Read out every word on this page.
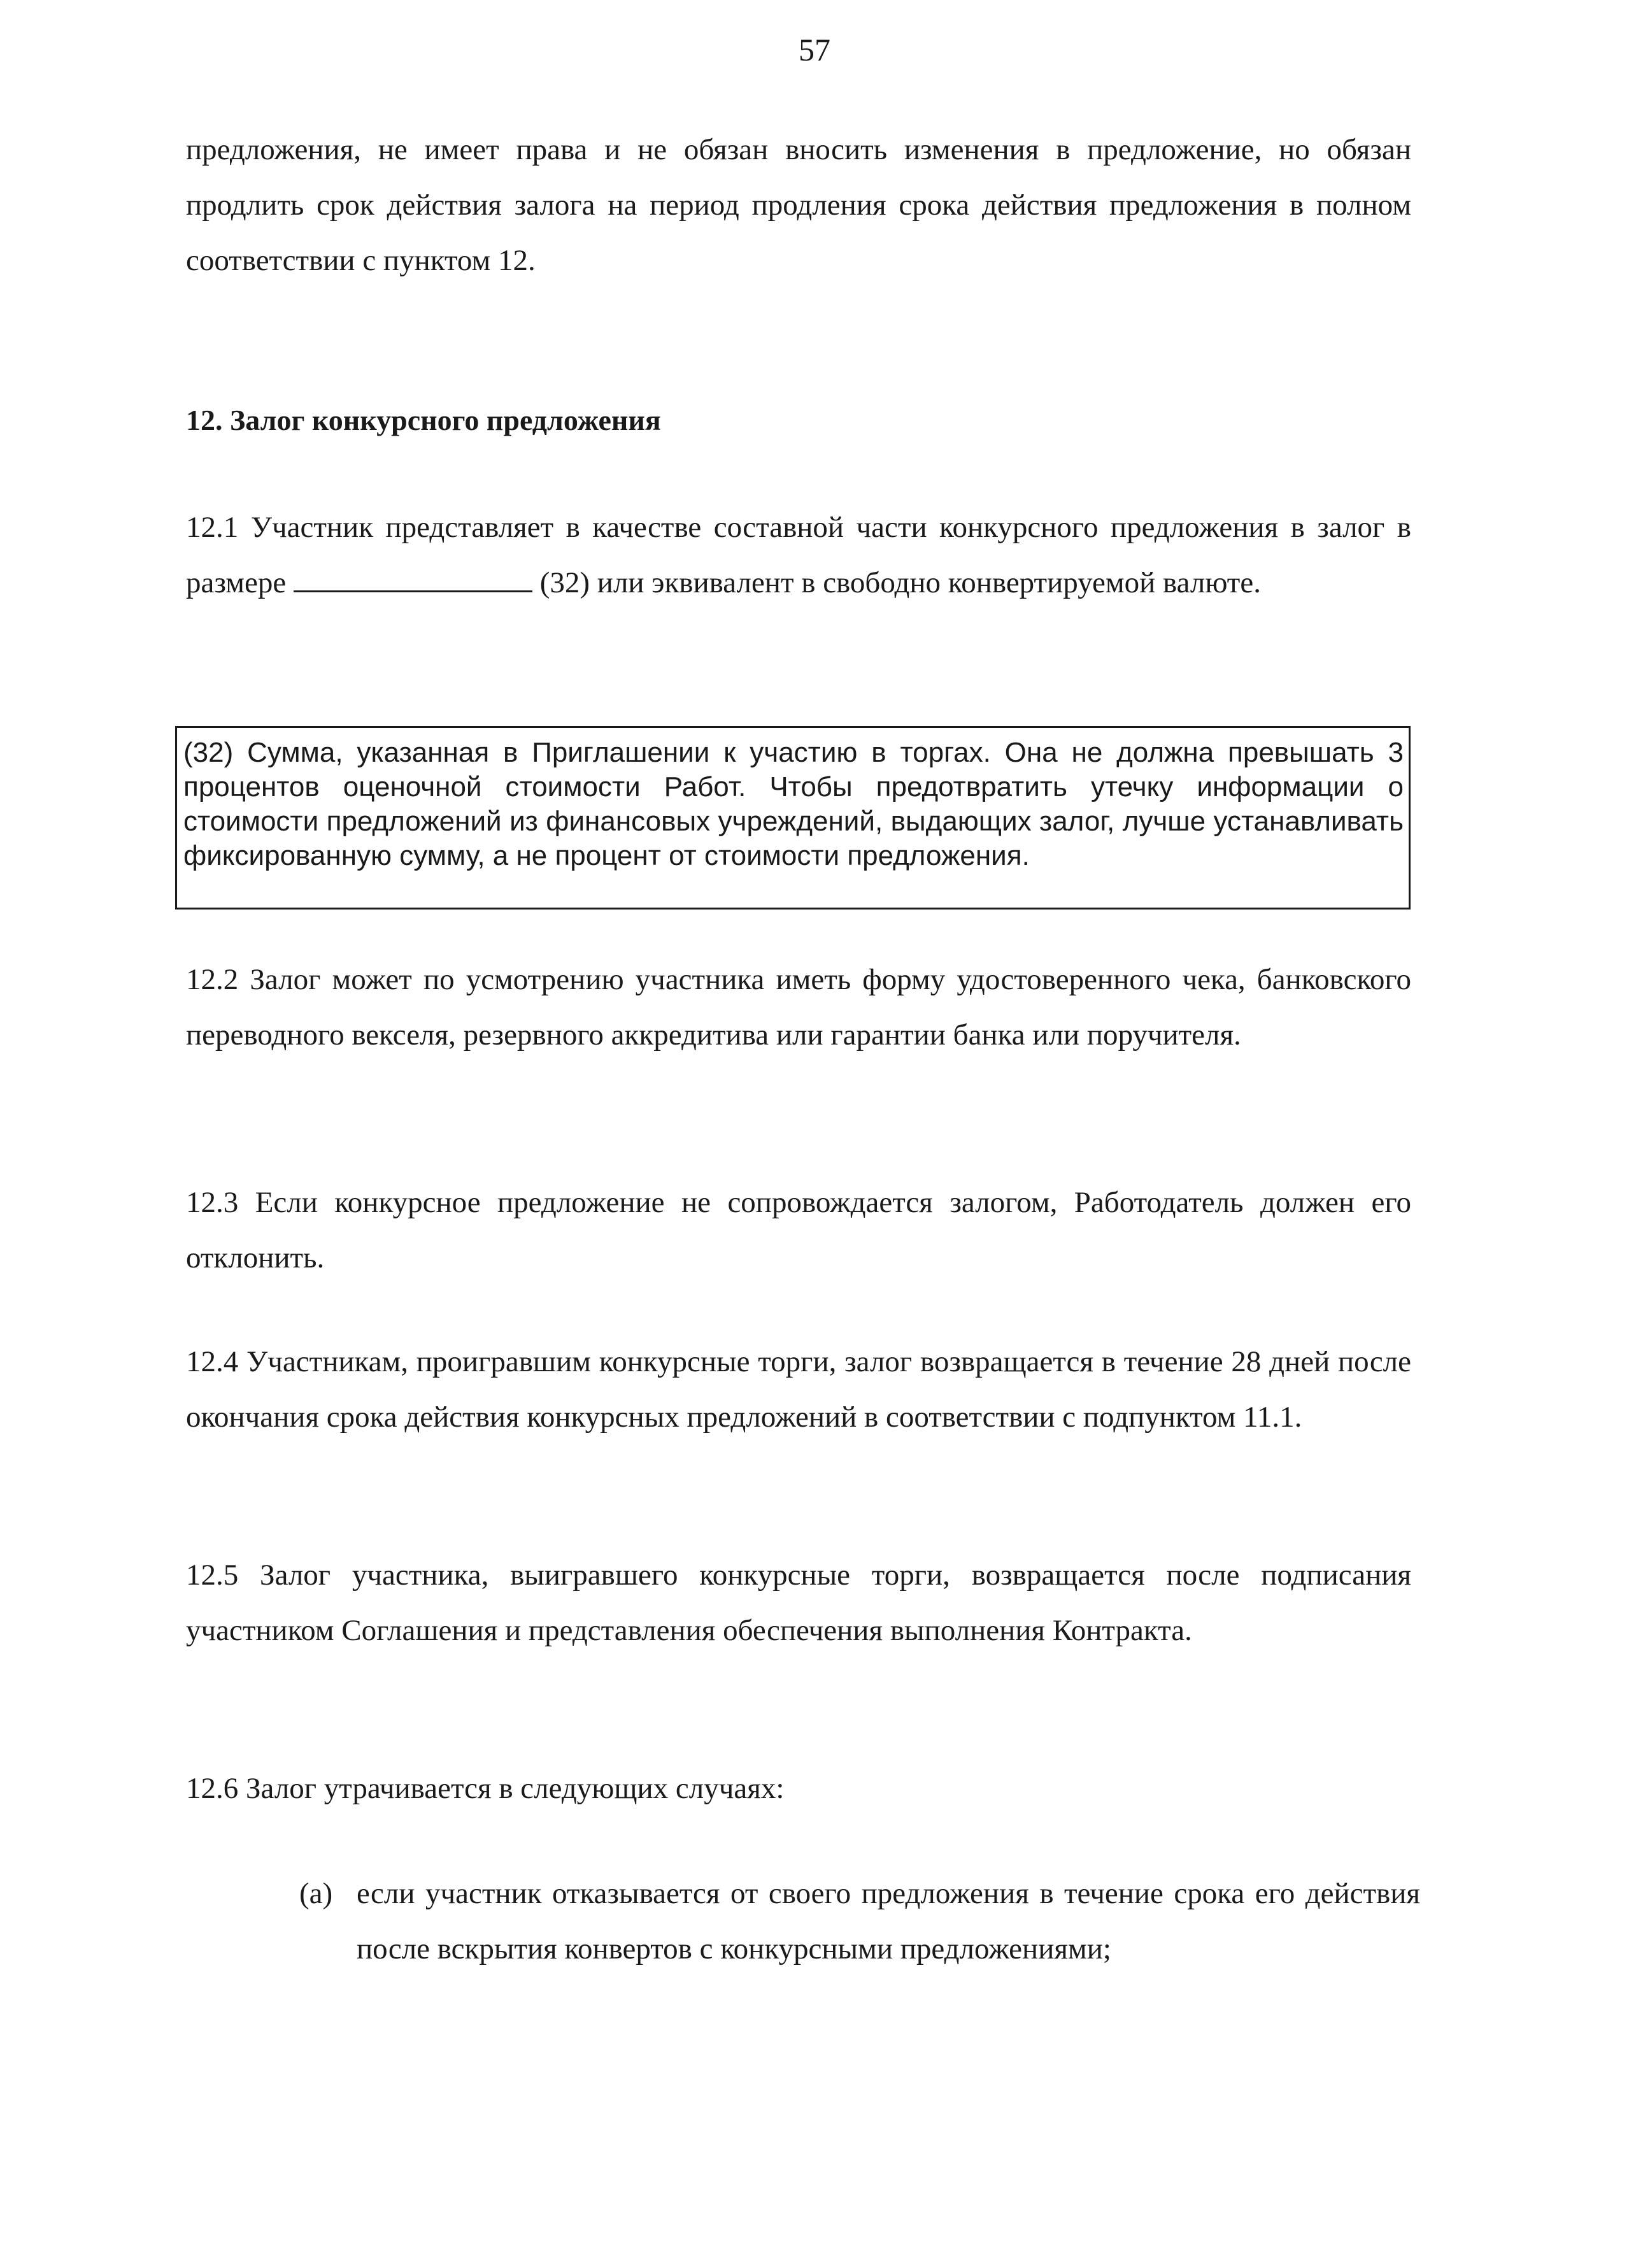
57
предложения, не имеет права и не обязан вносить изменения в предложение, но обязан продлить срок действия залога на период продления срока действия предложения в полном соответствии с пунктом 12.
12. Залог конкурсного предложения
12.1 Участник представляет в качестве составной части конкурсного предложения в залог в размере	(32) или эквивалент в свободно конвертируемой валюте.
(32) Сумма, указанная в Приглашении к участию в торгах. Она не должна превышать 3 процентов оценочной стоимости Работ. Чтобы предотвратить утечку информации о стоимости предложений из финансовых учреждений, выдающих залог, лучше устанавливать фиксированную сумму, а не процент от стоимости предложения.
12.2 Залог может по усмотрению участника иметь форму удостоверенного чека, банковского переводного векселя, резервного аккредитива или гарантии банка или поручителя.
12.3 Если конкурсное предложение не сопровождается залогом, Работодатель должен его отклонить.
12.4 Участникам, проигравшим конкурсные торги, залог возвращается в течение 28 дней после окончания срока действия конкурсных предложений в соответствии с подпунктом 11.1.
12.5 Залог участника, выигравшего конкурсные торги, возвращается после подписания участником Соглашения и представления обеспечения выполнения Контракта.
12.6 Залог утрачивается в следующих случаях:
(а) если участник отказывается от своего предложения в течение срока его действия после вскрытия конвертов с конкурсными предложениями;
